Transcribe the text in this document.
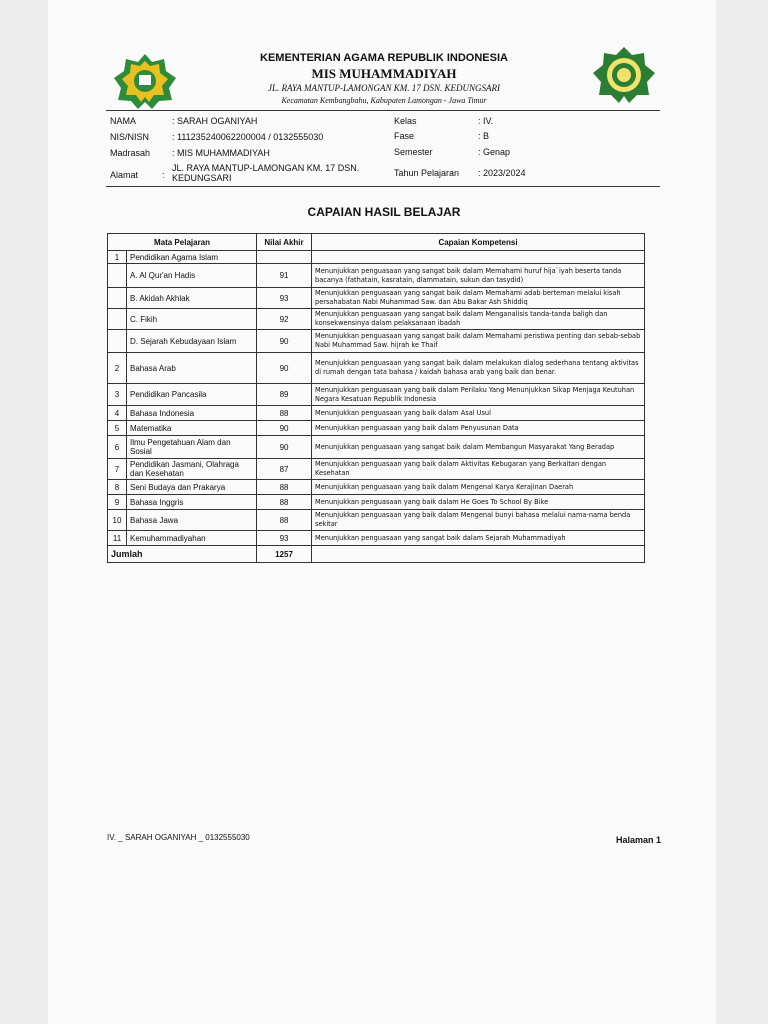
KEMENTERIAN AGAMA REPUBLIK INDONESIA
MIS MUHAMMADIYAH
JL. RAYA MANTUP-LAMONGAN KM. 17 DSN. KEDUNGSARI
Kecamatan Kembangbahu, Kabupaten Lamongan - Jawa Timur
NAMA	: SARAH OGANIYAH
NIS/NISN	: 111235240062200004 / 0132555030
Madrasah : MIS MUHAMMADIYAH
Alamat	:
JL. RAYA MANTUP-LAMONGAN KM. 17 DSN. KEDUNGSARI
Kelas	: IV.
Fase	: B
Semester	: Genap
Tahun Pelajaran : 2023/2024
CAPAIAN HASIL BELAJAR
Mata Pelajaran		Nilai Akhir	Capaian Kompetensi
1	Pendidikan Agama Islam		
	A. Al Qur'an Hadis	91	Menunjukkan penguasaan yang sangat baik dalam Memahami huruf hija`iyah beserta tanda bacanya (fathatain, kasratain, dlammatain, sukun dan tasydid)
	B. Akidah Akhlak	93	Menunjukkan penguasaan yang sangat baik dalam Memahami adab berteman melalui kisah persahabatan Nabi Muhammad Saw. dan Abu Bakar Ash Shiddiq
	C. Fikih	92	Menunjukkan penguasaan yang sangat baik dalam Menganalisis tanda-tanda baligh dan konsekwensinya dalam pelaksanaan ibadah
	D. Sejarah Kebudayaan Islam	90	Menunjukkan penguasaan yang sangat baik dalam Memahami peristiwa penting dan sebab-sebab Nabi Muhammad Saw. hijrah ke Thaif
2	Bahasa Arab	90	Menunjukkan penguasaan yang sangat baik dalam melakukan dialog sederhana tentang aktivitas di rumah dengan tata bahasa / kaidah bahasa arab yang baik dan benar.
3	Pendidikan Pancasila	89	Menunjukkan penguasaan yang baik dalam Perilaku Yang Menunjukkan Sikap Menjaga Keutuhan Negara Kesatuan Republik Indonesia
4	Bahasa Indonesia	88	Menunjukkan penguasaan yang baik dalam Asal Usul
5	Matematika	90	Menunjukkan penguasaan yang baik dalam Penyusunan Data
6	Ilmu Pengetahuan Alam dan Sosial	90	Menunjukkan penguasaan yang sangat baik dalam Membangun Masyarakat Yang Beradap
7	Pendidikan Jasmani, Olahraga dan Kesehatan	87	Menunjukkan penguasaan yang baik dalam Aktivitas Kebugaran yang Berkaitan dengan Kesehatan
8	Seni Budaya dan Prakarya	88	Menunjukkan penguasaan yang baik dalam Mengenal Karya Kerajinan Daerah
9	Bahasa Inggris	88	Menunjukkan penguasaan yang baik dalam He Goes To School By Bike
10	Bahasa Jawa	88	Menunjukkan penguasaan yang baik dalam Mengenal bunyi bahasa melalui nama-nama benda sekitar
11	Kemuhammadiyahan	93	Menunjukkan penguasaan yang sangat baik dalam Sejarah Muhammadiyah
Jumlah		1257	
IV. _ SARAH OGANIYAH _ 0132555030	Halaman 1
